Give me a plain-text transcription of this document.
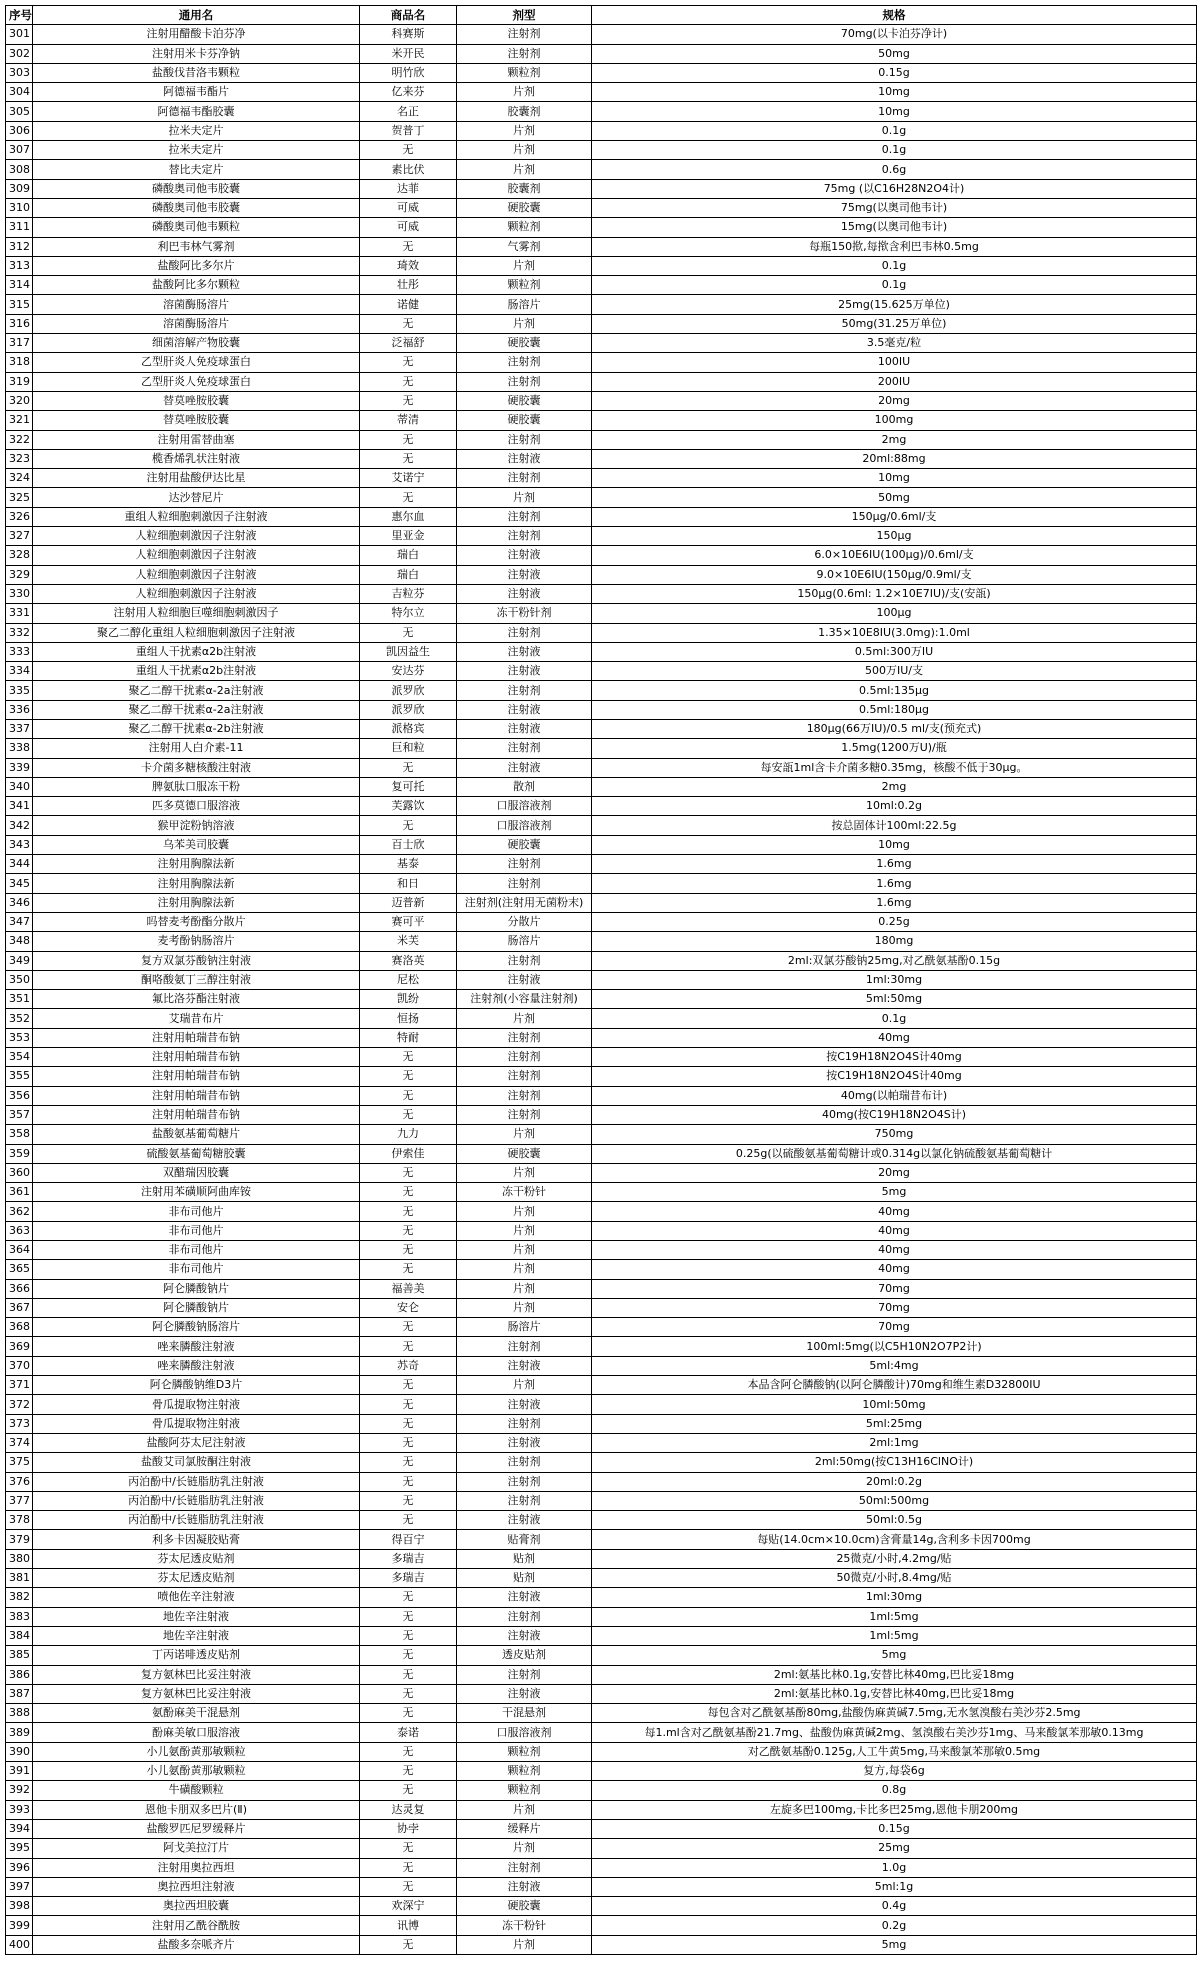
序号	通用名	商品名	剂型	规格
301	注射用醋酸卡泊芬净	科赛斯	注射剂	70mg(以卡泊芬净计)
302	注射用米卡芬净钠	米开民	注射剂	50mg
303	盐酸伐昔洛韦颗粒	明竹欣	颗粒剂	0.15g
304	阿德福韦酯片	亿来芬	片剂	10mg
305	阿德福韦酯胶囊	名正	胶囊剂	10mg
306	拉米夫定片	贺普丁	片剂	0.1g
307	拉米夫定片	无	片剂	0.1g
308	替比夫定片	素比伏	片剂	0.6g
309	磷酸奥司他韦胶囊	达菲	胶囊剂	75mg (以C16H28N2O4计)
310	磷酸奥司他韦胶囊	可威	硬胶囊	75mg(以奥司他韦计)
311	磷酸奥司他韦颗粒	可威	颗粒剂	15mg(以奥司他韦计)
312	利巴韦林气雾剂	无	气雾剂	每瓶150揿,每揿含利巴韦林0.5mg
313	盐酸阿比多尔片	琦效	片剂	0.1g
314	盐酸阿比多尔颗粒	壮彤	颗粒剂	0.1g
315	溶菌酶肠溶片	诺健	肠溶片	25mg(15.625万单位)
316	溶菌酶肠溶片	无	片剂	50mg(31.25万单位)
317	细菌溶解产物胶囊	泛福舒	硬胶囊	3.5毫克/粒
318	乙型肝炎人免疫球蛋白	无	注射剂	100IU
319	乙型肝炎人免疫球蛋白	无	注射剂	200IU
320	替莫唑胺胶囊	无	硬胶囊	20mg
321	替莫唑胺胶囊	蒂清	硬胶囊	100mg
322	注射用雷替曲塞	无	注射剂	2mg
323	榄香烯乳状注射液	无	注射液	20ml:88mg
324	注射用盐酸伊达比星	艾诺宁	注射剂	10mg
325	达沙替尼片	无	片剂	50mg
326	重组人粒细胞刺激因子注射液	惠尔血	注射剂	150μg/0.6ml/支
327	人粒细胞刺激因子注射液	里亚金	注射剂	150μg
328	人粒细胞刺激因子注射液	瑞白	注射液	6.0×10E6IU(100μg)/0.6ml/支
329	人粒细胞刺激因子注射液	瑞白	注射液	9.0×10E6IU(150μg/0.9ml/支
330	人粒细胞刺激因子注射液	吉粒芬	注射液	150μg(0.6ml: 1.2×10E7IU)/支(安瓿)
331	注射用人粒细胞巨噬细胞刺激因子	特尔立	冻干粉针剂	100μg
332	聚乙二醇化重组人粒细胞刺激因子注射液	无	注射剂	1.35×10E8IU(3.0mg):1.0ml
333	重组人干扰素α2b注射液	凯因益生	注射液	0.5ml:300万IU
334	重组人干扰素α2b注射液	安达芬	注射液	500万IU/支
335	聚乙二醇干扰素α-2a注射液	派罗欣	注射剂	0.5ml:135μg
336	聚乙二醇干扰素α-2a注射液	派罗欣	注射液	0.5ml:180μg
337	聚乙二醇干扰素α-2b注射液	派格宾	注射液	180μg(66万IU)/0.5 ml/支(预充式)
338	注射用人白介素-11	巨和粒	注射剂	1.5mg(1200万U)/瓶
339	卡介菌多糖核酸注射液	无	注射液	每安瓿1ml含卡介菌多糖0.35mg，核酸不低于30μg。
340	脾氨肽口服冻干粉	复可托	散剂	2mg
341	匹多莫德口服溶液	芙露饮	口服溶液剂	10ml:0.2g
342	猴甲淀粉钠溶液	无	口服溶液剂	按总固体计100ml:22.5g
343	乌苯美司胶囊	百士欣	硬胶囊	10mg
344	注射用胸腺法新	基泰	注射剂	1.6mg
345	注射用胸腺法新	和日	注射剂	1.6mg
346	注射用胸腺法新	迈普新	注射剂(注射用无菌粉末)	1.6mg
347	吗替麦考酚酯分散片	赛可平	分散片	0.25g
348	麦考酚钠肠溶片	米芙	肠溶片	180mg
349	复方双氯芬酸钠注射液	赛洛英	注射剂	2ml:双氯芬酸钠25mg,对乙酰氨基酚0.15g
350	酮咯酸氨丁三醇注射液	尼松	注射液	1ml:30mg
351	氟比洛芬酯注射液	凯纷	注射剂(小容量注射剂)	5ml:50mg
352	艾瑞昔布片	恒扬	片剂	0.1g
353	注射用帕瑞昔布钠	特耐	注射剂	40mg
354	注射用帕瑞昔布钠	无	注射剂	按C19H18N2O4S计40mg
355	注射用帕瑞昔布钠	无	注射剂	按C19H18N2O4S计40mg
356	注射用帕瑞昔布钠	无	注射剂	40mg(以帕瑞昔布计)
357	注射用帕瑞昔布钠	无	注射剂	40mg(按C19H18N2O4S计)
358	盐酸氨基葡萄糖片	九力	片剂	750mg
359	硫酸氨基葡萄糖胶囊	伊索佳	硬胶囊	0.25g(以硫酸氨基葡萄糖计或0.314g以氯化钠硫酸氨基葡萄糖计
360	双醋瑞因胶囊	无	片剂	20mg
361	注射用苯磺顺阿曲库铵	无	冻干粉针	5mg
362	非布司他片	无	片剂	40mg
363	非布司他片	无	片剂	40mg
364	非布司他片	无	片剂	40mg
365	非布司他片	无	片剂	40mg
366	阿仑膦酸钠片	福善美	片剂	70mg
367	阿仑膦酸钠片	安仑	片剂	70mg
368	阿仑膦酸钠肠溶片	无	肠溶片	70mg
369	唑来膦酸注射液	无	注射剂	100ml:5mg(以C5H10N2O7P2计)
370	唑来膦酸注射液	苏奇	注射液	5ml:4mg
371	阿仑膦酸钠维D3片	无	片剂	本品含阿仑膦酸钠(以阿仑膦酸计)70mg和维生素D32800IU
372	骨瓜提取物注射液	无	注射液	10ml:50mg
373	骨瓜提取物注射液	无	注射剂	5ml:25mg
374	盐酸阿芬太尼注射液	无	注射液	2ml:1mg
375	盐酸艾司氯胺酮注射液	无	注射剂	2ml:50mg(按C13H16ClNO计)
376	丙泊酚中/长链脂肪乳注射液	无	注射剂	20ml:0.2g
377	丙泊酚中/长链脂肪乳注射液	无	注射剂	50ml:500mg
378	丙泊酚中/长链脂肪乳注射液	无	注射液	50ml:0.5g
379	利多卡因凝胶贴膏	得百宁	贴膏剂	每贴(14.0cm×10.0cm)含膏量14g,含利多卡因700mg
380	芬太尼透皮贴剂	多瑞吉	贴剂	25微克/小时,4.2mg/贴
381	芬太尼透皮贴剂	多瑞吉	贴剂	50微克/小时,8.4mg/贴
382	喷他佐辛注射液	无	注射液	1ml:30mg
383	地佐辛注射液	无	注射剂	1ml:5mg
384	地佐辛注射液	无	注射液	1ml:5mg
385	丁丙诺啡透皮贴剂	无	透皮贴剂	5mg
386	复方氨林巴比妥注射液	无	注射剂	2ml:氨基比林0.1g,安替比林40mg,巴比妥18mg
387	复方氨林巴比妥注射液	无	注射液	2ml:氨基比林0.1g,安替比林40mg,巴比妥18mg
388	氨酚麻美干混悬剂	无	干混悬剂	每包含对乙酰氨基酚80mg,盐酸伪麻黄碱7.5mg,无水氢溴酸右美沙芬2.5mg
389	酚麻美敏口服溶液	泰诺	口服溶液剂	每1.ml含对乙酰氨基酚21.7mg、盐酸伪麻黄碱2mg、氢溴酸右美沙芬1mg、马来酸氯苯那敏0.13mg
390	小儿氨酚黄那敏颗粒	无	颗粒剂	对乙酰氨基酚0.125g,人工牛黄5mg,马来酸氯苯那敏0.5mg
391	小儿氨酚黄那敏颗粒	无	颗粒剂	复方,每袋6g
392	牛磺酸颗粒	无	颗粒剂	0.8g
393	恩他卡朋双多巴片(Ⅱ)	达灵复	片剂	左旋多巴100mg,卡比多巴25mg,恩他卡朋200mg
394	盐酸罗匹尼罗缓释片	协孛	缓释片	0.15g
395	阿戈美拉汀片	无	片剂	25mg
396	注射用奥拉西坦	无	注射剂	1.0g
397	奥拉西坦注射液	无	注射液	5ml:1g
398	奥拉西坦胶囊	欢深宁	硬胶囊	0.4g
399	注射用乙酰谷酰胺	讯博	冻干粉针	0.2g
400	盐酸多奈哌齐片	无	片剂	5mg
